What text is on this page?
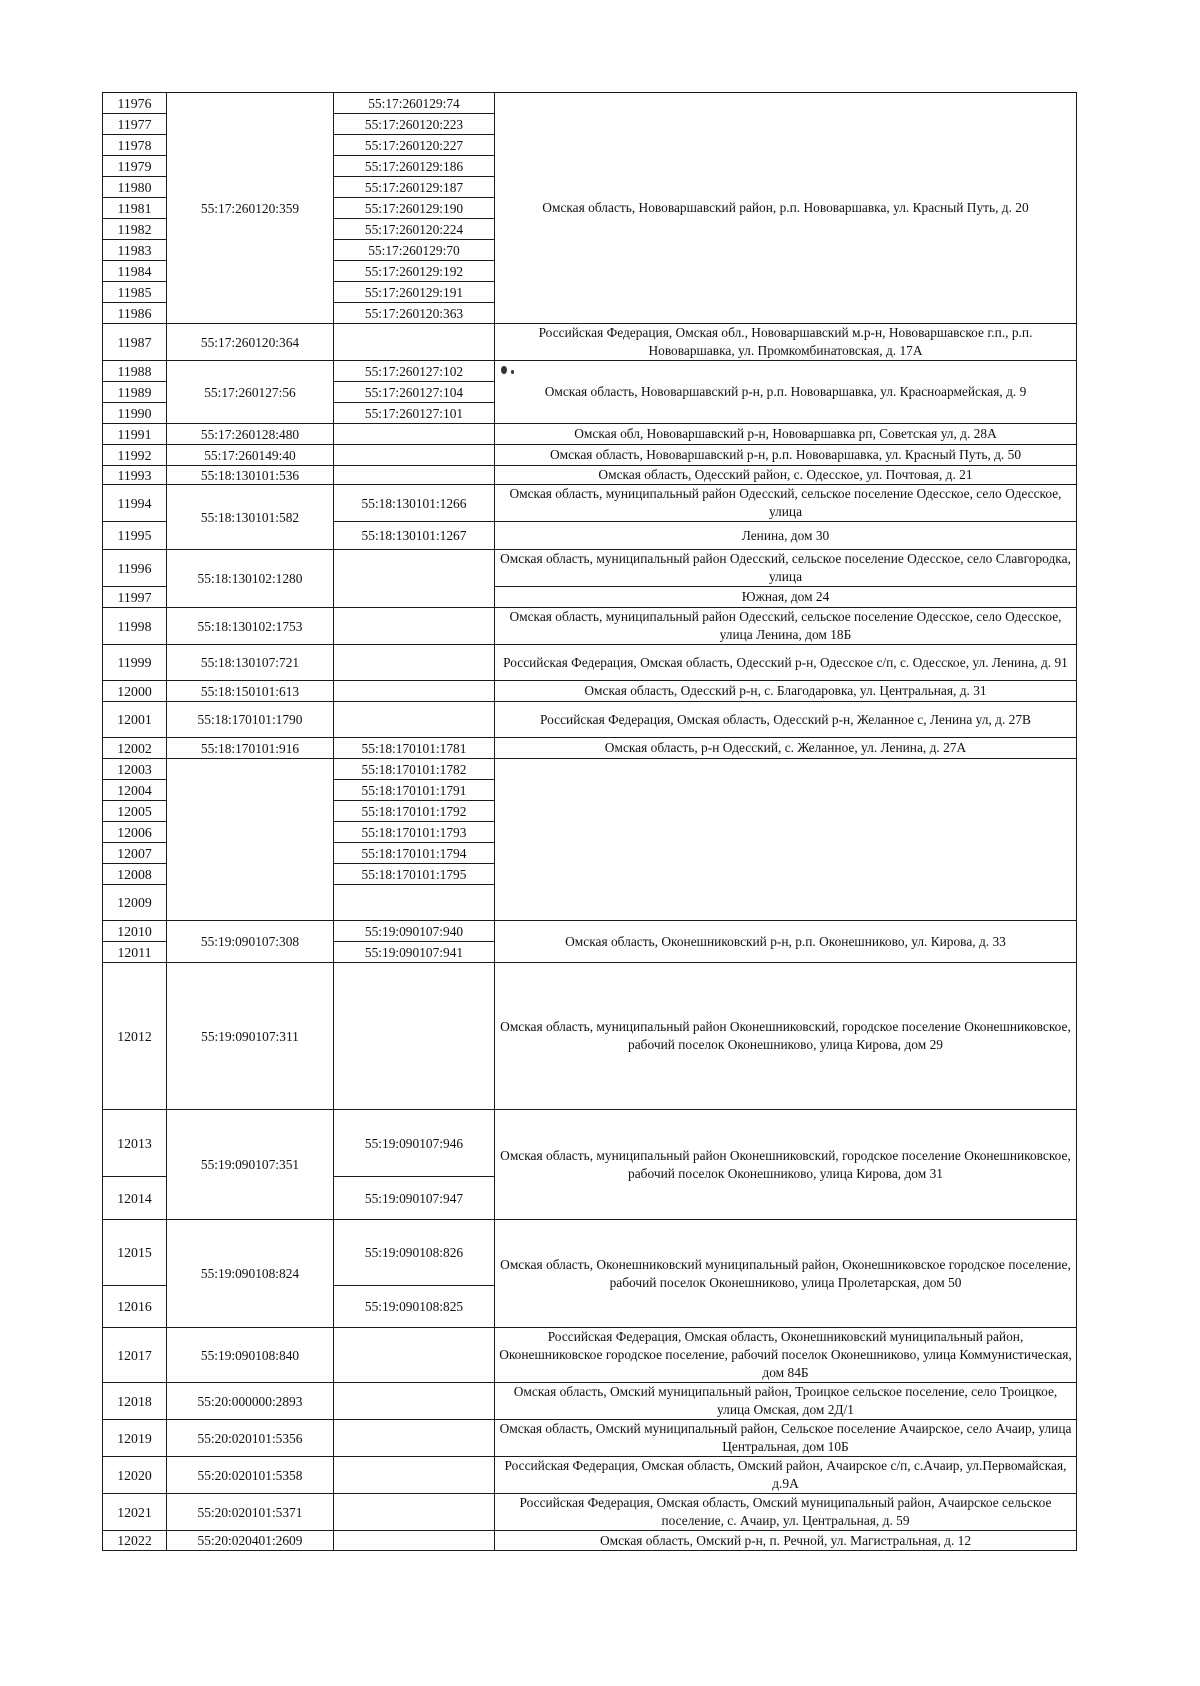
11976	55:17:260120:359	55:17:260129:74	Омская область, Нововаршавский район, р.п. Нововаршавка, ул. Красный Путь, д. 20
11977		55:17:260120:223	
11978		55:17:260120:227	
11979		55:17:260129:186	
11980		55:17:260129:187	
11981		55:17:260129:190	
11982		55:17:260120:224	
11983		55:17:260129:70	
11984		55:17:260129:192	
11985		55:17:260129:191	
11986		55:17:260120:363	
11987	55:17:260120:364		Российская Федерация, Омская обл., Нововаршавский м.р-н, Нововаршавское г.п., р.п. Нововаршавка, ул. Промкомбинатовская, д. 17А
11988	55:17:260127:56	55:17:260127:102	Омская область, Нововаршавский р-н, р.п. Нововаршавка, ул. Красноармейская, д. 9
11989		55:17:260127:104	
11990		55:17:260127:101	
11991	55:17:260128:480		Омская обл, Нововаршавский р-н, Нововаршавка рп, Советская ул, д. 28А
11992	55:17:260149:40		Омская область, Нововаршавский р-н, р.п. Нововаршавка, ул. Красный Путь, д. 50
11993	55:18:130101:536		Омская область, Одесский район, с. Одесское, ул. Почтовая, д. 21
11994	55:18:130101:582	55:18:130101:1266	Омская область, муниципальный район Одесский, сельское поселение Одесское, село Одесское, улица
11995		55:18:130101:1267	Ленина, дом 30
11996	55:18:130102:1280		Омская область, муниципальный район Одесский, сельское поселение Одесское, село Славгородка, улица
11997			Южная, дом 24
11998	55:18:130102:1753		Омская область, муниципальный район Одесский, сельское поселение Одесское, село Одесское, улица Ленина, дом 18Б
11999	55:18:130107:721		Российская Федерация, Омская область, Одесский р-н, Одесское с/п, с. Одесское, ул. Ленина, д. 91
12000	55:18:150101:613		Омская область, Одесский р-н, с. Благодаровка, ул. Центральная, д. 31
12001	55:18:170101:1790		Российская Федерация, Омская область, Одесский р-н, Желанное с, Ленина ул, д. 27В
12002	55:18:170101:916	55:18:170101:1781	Омская область, р-н Одесский, с. Желанное, ул. Ленина, д. 27А
12003		55:18:170101:1782	
12004		55:18:170101:1791	
12005		55:18:170101:1792	
12006		55:18:170101:1793	
12007		55:18:170101:1794	
12008		55:18:170101:1795	
12009			
12010	55:19:090107:308	55:19:090107:940	Омская область, Оконешниковский р-н, р.п. Оконешниково, ул. Кирова, д. 33
12011		55:19:090107:941	
12012	55:19:090107:311		Омская область, муниципальный район Оконешниковский, городское поселение Оконешниковское, рабочий поселок Оконешниково, улица Кирова, дом 29
12013	55:19:090107:351	55:19:090107:946	Омская область, муниципальный район Оконешниковский, городское поселение Оконешниковское, рабочий поселок Оконешниково, улица Кирова, дом 31
12014		55:19:090107:947	
12015	55:19:090108:824	55:19:090108:826	Омская область, Оконешниковский муниципальный район, Оконешниковское городское поселение, рабочий поселок Оконешниково, улица Пролетарская, дом 50
12016		55:19:090108:825	
12017	55:19:090108:840		Российская Федерация, Омская область, Оконешниковский муниципальный район, Оконешниковское городское поселение, рабочий поселок Оконешниково, улица Коммунистическая, дом 84Б
12018	55:20:000000:2893		Омская область, Омский муниципальный район, Троицкое сельское поселение, село Троицкое, улица Омская, дом 2Д/1
12019	55:20:020101:5356		Омская область, Омский муниципальный район, Сельское поселение Ачаирское, село Ачаир, улица Центральная, дом 10Б
12020	55:20:020101:5358		Российская Федерация, Омская область, Омский район, Ачаирское с/п, с.Ачаир, ул.Первомайская, д.9А
12021	55:20:020101:5371		Российская Федерация, Омская область, Омский муниципальный район, Ачаирское сельское поселение, с. Ачаир, ул. Центральная, д. 59
12022	55:20:020401:2609		Омская область, Омский р-н, п. Речной, ул. Магистральная, д. 12
